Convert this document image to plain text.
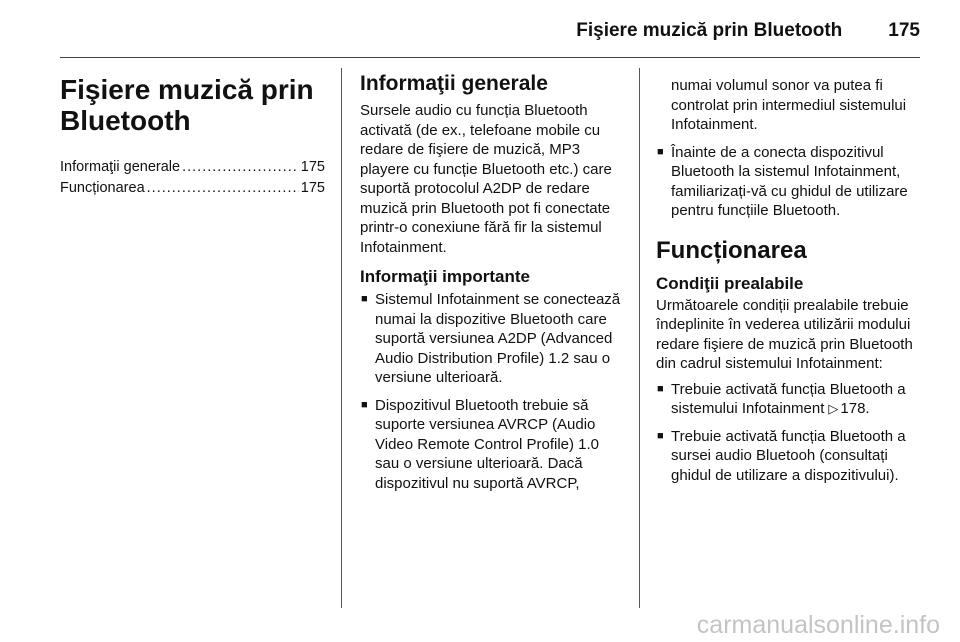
Fişiere muzică prin Bluetooth 175
Fişiere muzică prin Bluetooth
Informaţii generale .....	175
Funcționarea .....	175
Informaţii generale

Sursele audio cu funcția Bluetooth activată (de ex., telefoane mobile cu redare de fişiere de muzică, MP3 playere cu funcție Bluetooth etc.) care suportă protocolul A2DP de redare muzică prin Bluetooth pot fi conectate printr-o conexiune fără fir la sistemul Infotainment.

Informaţii importante
■ Sistemul Infotainment se conectează numai la dispozitive Bluetooth care suportă versiunea A2DP (Advanced Audio Distribution Profile) 1.2 sau o versiune ulterioară.
■ Dispozitivul Bluetooth trebuie să suporte versiunea AVRCP (Audio Video Remote Control Profile) 1.0 sau o versiune ulterioară. Dacă dispozitivul nu suportă AVRCP,
numai volumul sonor va putea fi controlat prin intermediul sistemului Infotainment.
■ Înainte de a conecta dispozitivul Bluetooth la sistemul Infotainment, familiarizați-vă cu ghidul de utilizare pentru funcțiile Bluetooth.
Funcționarea
Condiţii prealabile

Următoarele condiții prealabile trebuie îndeplinite în vederea utilizării modului redare fişiere de muzică prin Bluetooth din cadrul sistemului Infotainment:

■ Trebuie activată funcția Bluetooth a sistemului Infotainment ▷ 178.
■ Trebuie activată funcția Bluetooth a sursei audio Bluetooh (consultați ghidul de utilizare a dispozitivului).
carmanualsonline.info
